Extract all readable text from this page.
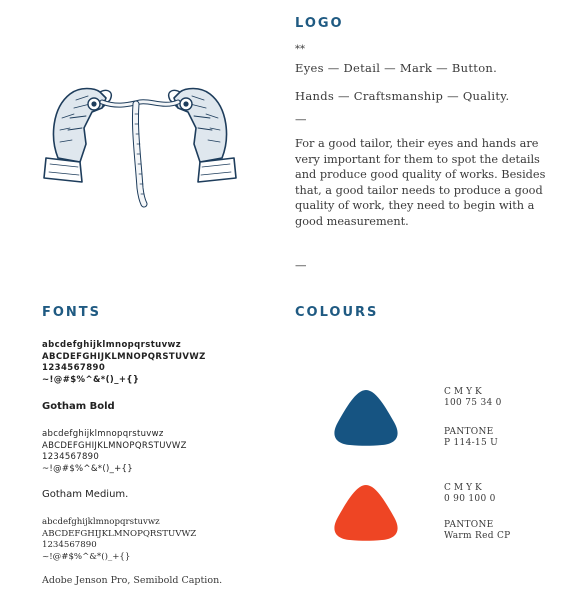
LOGO

**

Eyes — Detail — Mark — Button.

Hands — Craftsmanship — Quality.

—

For a good tailor, their eyes and hands are very important for them to spot the details and produce good quality of works. Besides that, a good tailor needs to produce a good quality of work, they need to begin with a good measurement.

—

FONTS
abcdefghijklmnopqrstuvwz
ABCDEFGHIJKLMNOPQRSTUVWZ
1234567890
~!@#$%^&*()_+{}

Gotham Bold

abcdefghijklmnopqrstuvwz
ABCDEFGHIJKLMNOPQRSTUVWZ
1234567890
~!@#$%^&*()_+{}

Gotham Medium.

abcdefghijklmnopqrstuvwz
ABCDEFGHIJKLMNOPQRSTUVWZ
1234567890
~!@#$%^&*()_+{}

Adobe Jenson Pro, Semibold Caption.

COLOURS
CMYK
100 75 34 0
PANTONE
P 114-15 U
CMYK
0 90 100 0
PANTONE
Warm Red CP
